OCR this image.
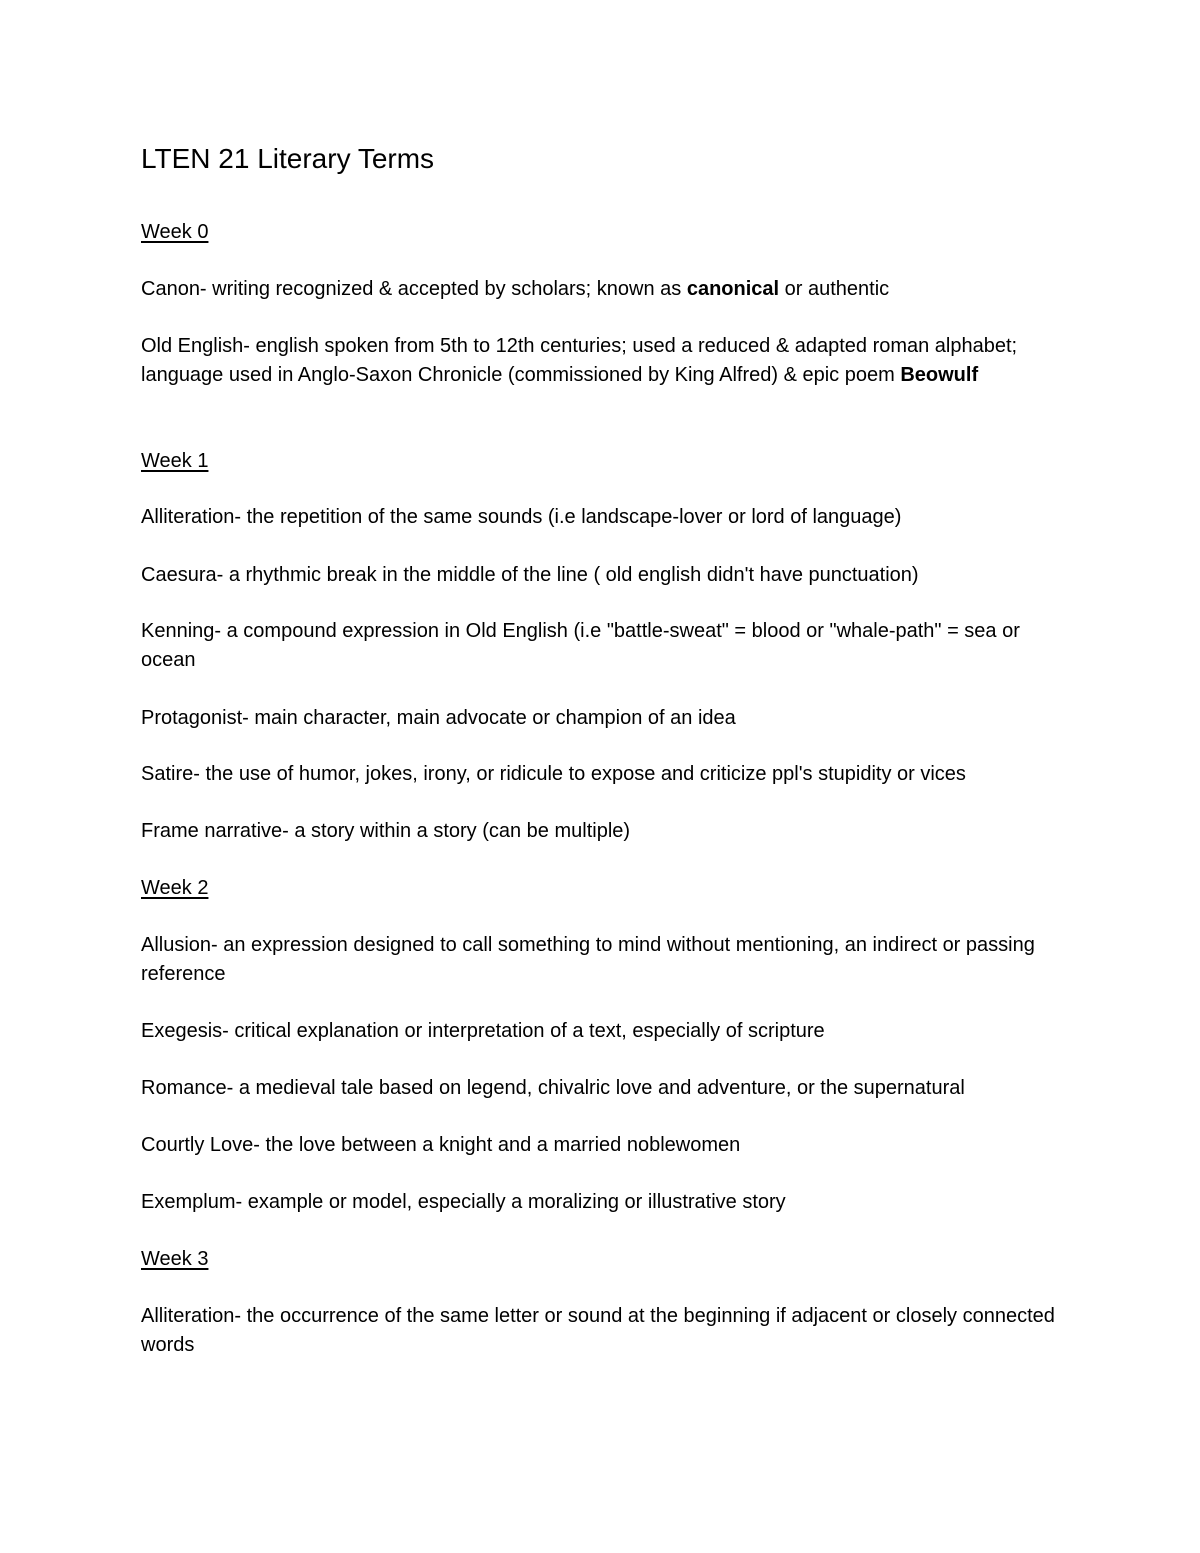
LTEN 21 Literary Terms
Week 0
Canon- writing recognized & accepted by scholars; known as canonical or authentic
Old English- english spoken from 5th to 12th centuries; used a reduced & adapted roman alphabet; language used in Anglo-Saxon Chronicle (commissioned by King Alfred) & epic poem Beowulf
Week 1
Alliteration- the repetition of the same sounds (i.e landscape-lover or lord of language)
Caesura- a rhythmic break in the middle of the line ( old english didn't have punctuation)
Kenning- a compound expression in Old English (i.e "battle-sweat" = blood or "whale-path" = sea or ocean
Protagonist- main character, main advocate or champion of an idea
Satire- the use of humor, jokes, irony, or ridicule to expose and criticize ppl's stupidity or vices
Frame narrative- a story within a story (can be multiple)
Week 2
Allusion- an expression designed to call something to mind without mentioning, an indirect or passing reference
Exegesis- critical explanation or interpretation of a text, especially of scripture
Romance- a medieval tale based on legend, chivalric love and adventure, or the supernatural
Courtly Love- the love between a knight and a married noblewomen
Exemplum- example or model, especially a moralizing or illustrative story
Week 3
Alliteration- the occurrence of the same letter or sound at the beginning if adjacent or closely connected words
